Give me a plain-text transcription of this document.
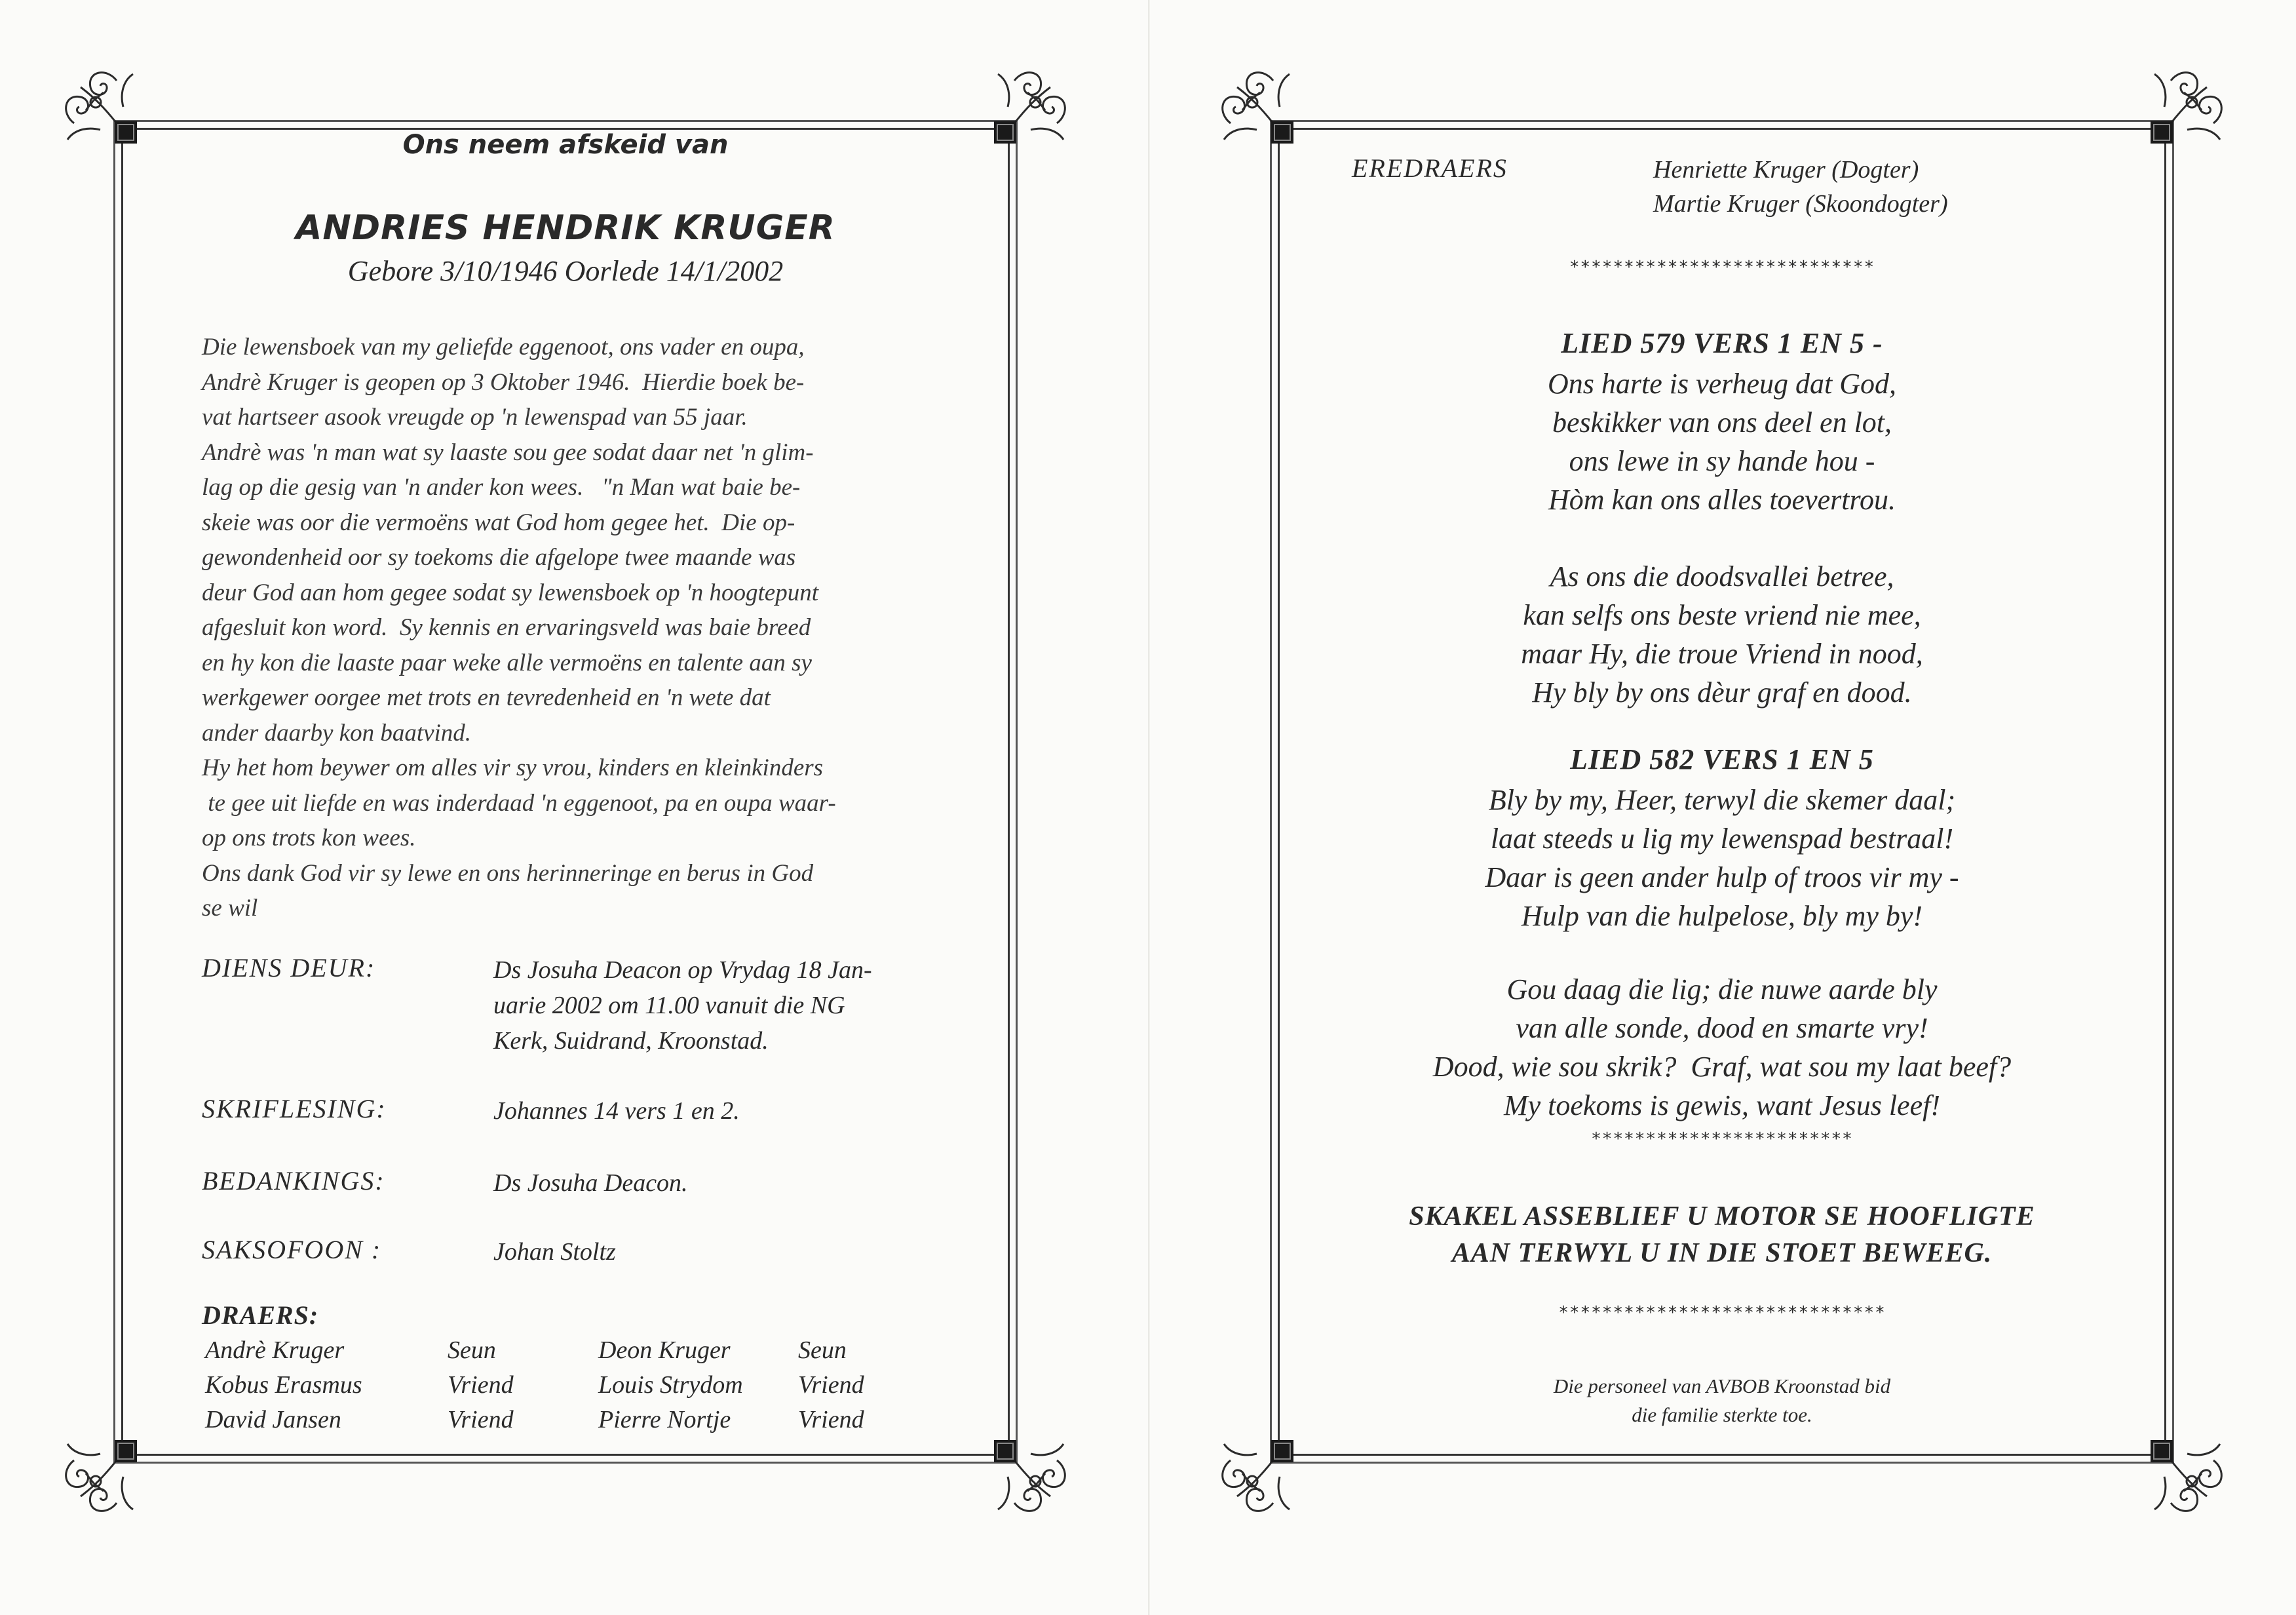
Ons neem afskeid van
ANDRIES HENDRIK KRUGER
Gebore 3/10/1946 Oorlede 14/1/2002

Die lewensboek van my geliefde eggenoot, ons vader en oupa,
Andrè Kruger is geopen op 3 Oktober 1946.  Hierdie boek be-
vat hartseer asook vreugde op 'n lewenspad van 55 jaar.
Andrè was 'n man wat sy laaste sou gee sodat daar net 'n glim-
lag op die gesig van 'n ander kon wees.   "n Man wat baie be-
skeie was oor die vermoëns wat God hom gegee het.  Die op-
gewondenheid oor sy toekoms die afgelope twee maande was
deur God aan hom gegee sodat sy lewensboek op 'n hoogtepunt
afgesluit kon word.  Sy kennis en ervaringsveld was baie breed
en hy kon die laaste paar weke alle vermoëns en talente aan sy
werkgewer oorgee met trots en tevredenheid en 'n wete dat
ander daarby kon baatvind.
Hy het hom beywer om alles vir sy vrou, kinders en kleinkinders
te gee uit liefde en was inderdaad 'n eggenoot, pa en oupa waar-
op ons trots kon wees.
Ons dank God vir sy lewe en ons herinneringe en berus in God
se wil

DIENS DEUR:	Ds Josuha Deacon op Vrydag 18 Jan-
uarie 2002 om 11.00 vanuit die NG
Kerk, Suidrand, Kroonstad.
SKRIFLESING:	Johannes 14 vers 1 en 2.
BEDANKINGS:	Ds Josuha Deacon.
SAKSOFOON :	Johan Stoltz
DRAERS:
Andrè Kruger	Seun
Kobus Erasmus	Vriend
David Jansen	Vriend
Deon Kruger	Seun
Louis Strydom Vriend
Pierre Nortje	Vriend
EREDRAERS	Henriette Kruger (Dogter)
Martie Kruger (Skoondogter)
****************************
LIED 579 VERS 1 EN 5 -
Ons harte is verheug dat God,
beskikker van ons deel en lot,
ons lewe in sy hande hou -
Hòm kan ons alles toevertrou.
As ons die doodsvallei betree,
kan selfs ons beste vriend nie mee,
maar Hy, die troue Vriend in nood,
Hy bly by ons dèur graf en dood.
LIED 582 VERS 1 EN 5
Bly by my, Heer, terwyl die skemer daal;
laat steeds u lig my lewenspad bestraal!
Daar is geen ander hulp of troos vir my -
Hulp van die hulpelose, bly my by!
Gou daag die lig; die nuwe aarde bly
van alle sonde, dood en smarte vry!
Dood, wie sou skrik?  Graf, wat sou my laat beef?
My toekoms is gewis, want Jesus leef!
************************
SKAKEL ASSEBLIEF U MOTOR SE HOOFLIGTE
AAN TERWYL U IN DIE STOET BEWEEG.
******************************
Die personeel van AVBOB Kroonstad bid
die familie sterkte toe.
